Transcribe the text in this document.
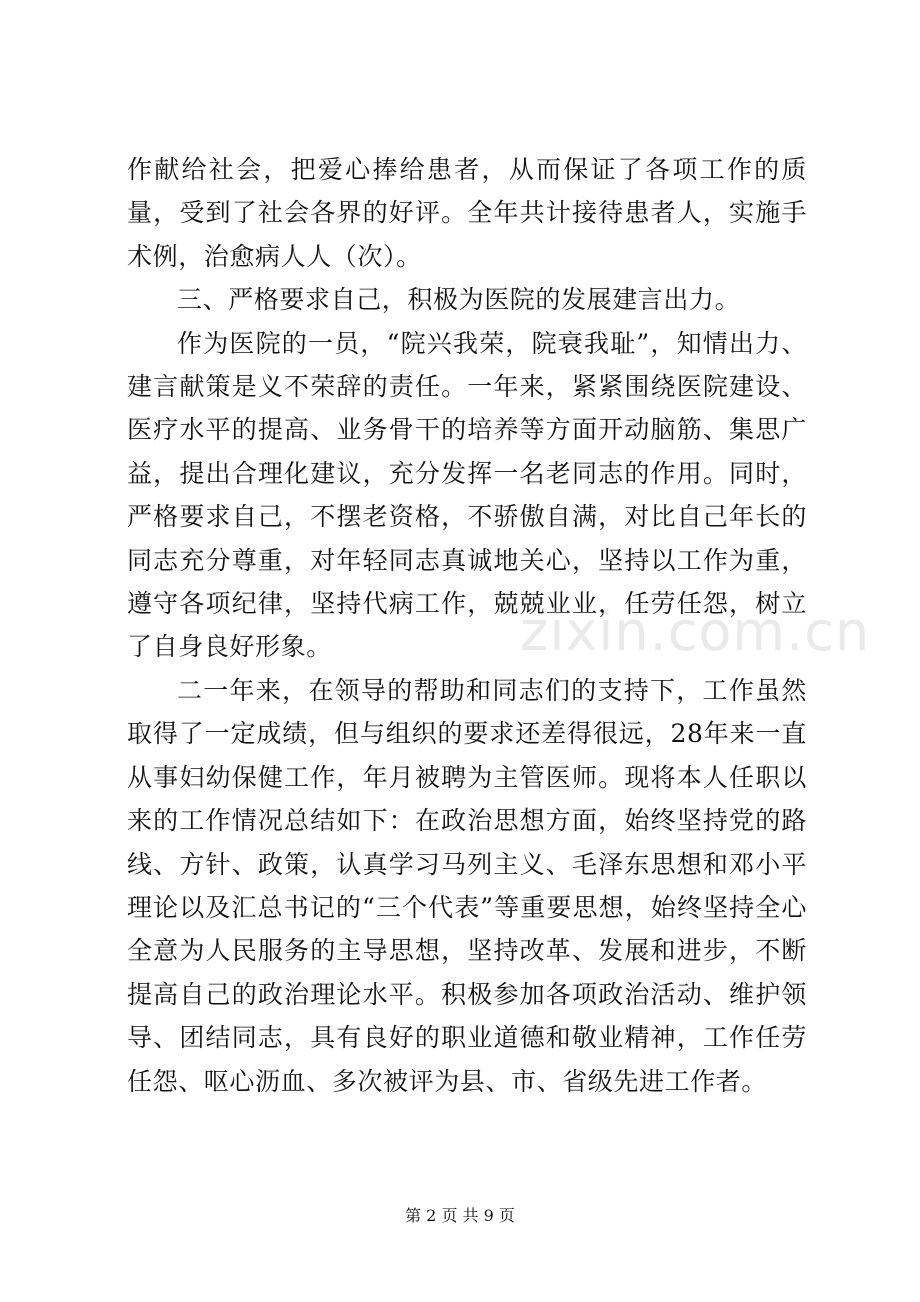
作献给社会，把爱心捧给患者，从而保证了各项工作的质量，受到了社会各界的好评。全年共计接待患者人，实施手术例，治愈病人人（次）。

三、严格要求自己，积极为医院的发展建言出力。

作为医院的一员，“院兴我荣，院衰我耻”，知情出力、建言献策是义不荣辞的责任。一年来，紧紧围绕医院建设、医疗水平的提高、业务骨干的培养等方面开动脑筋、集思广益，提出合理化建议，充分发挥一名老同志的作用。同时，严格要求自己，不摆老资格，不骄傲自满，对比自己年长的同志充分尊重，对年轻同志真诚地关心，坚持以工作为重，遵守各项纪律，坚持代病工作，兢兢业业，任劳任怨，树立了自身良好形象。

二一年来，在领导的帮助和同志们的支持下，工作虽然取得了一定成绩，但与组织的要求还差得很远，28年来一直从事妇幼保健工作，年月被聘为主管医师。现将本人任职以来的工作情况总结如下：在政治思想方面，始终坚持党的路线、方针、政策，认真学习马列主义、毛泽东思想和邓小平理论以及汇总书记的“三个代表”等重要思想，始终坚持全心全意为人民服务的主导思想，坚持改革、发展和进步，不断提高自己的政治理论水平。积极参加各项政治活动、维护领导、团结同志，具有良好的职业道德和敬业精神，工作任劳任怨、呕心沥血、多次被评为县、市、省级先进工作者。

zixin.com.cn
第 2 页 共 9 页
